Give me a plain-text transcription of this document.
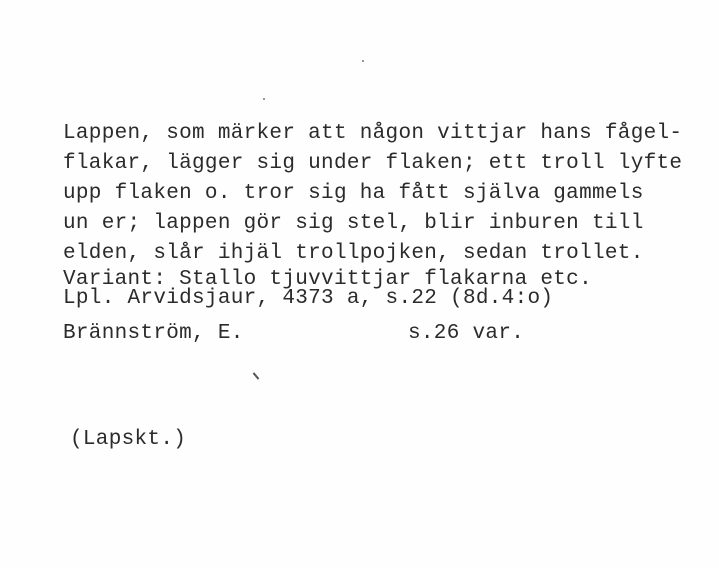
Lappen, som märker att någon vittjar hans fågel-
flakar, lägger sig under flaken; ett troll lyfte
upp flaken o. tror sig ha fått själva gammels
un er; lappen gör sig stel, blir inburen till
elden, slår ihjäl trollpojken, sedan trollet.
Variant: Stallo tjuvvittjar flakarna etc.
Lpl. Arvidsjaur, 4373 a, s.22 (8d.4:o)
Brännström, E.	s.26 var.
(Lapskt.)
